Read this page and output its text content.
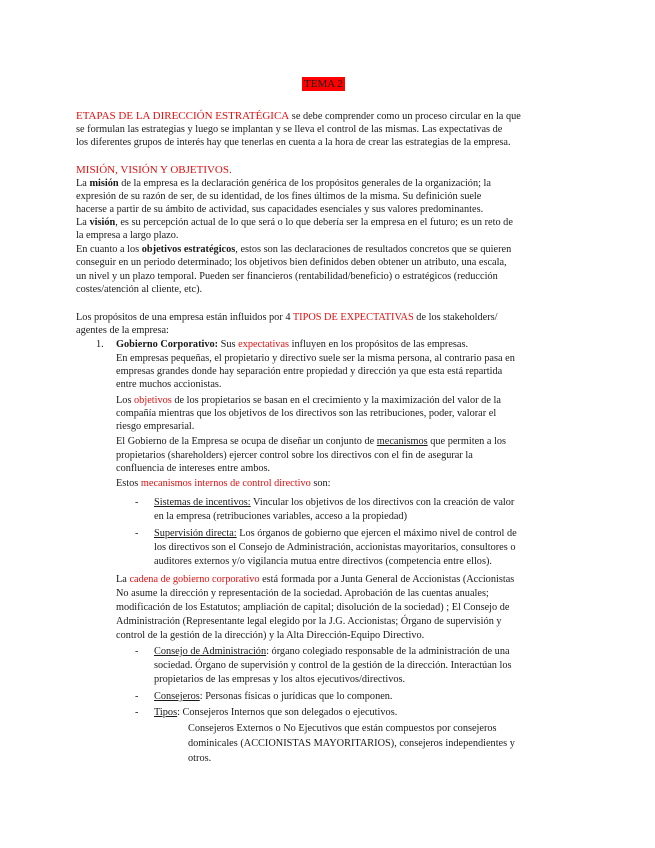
TEMA 2
ETAPAS DE LA DIRECCIÓN ESTRATÉGICA se debe comprender como un proceso circular en la que
se formulan las estrategias y luego se implantan y se lleva el control de las mismas. Las expectativas de
los diferentes grupos de interés hay que tenerlas en cuenta a la hora de crear las estrategias de la empresa.
MISIÓN, VISIÓN Y OBJETIVOS.
La misión de la empresa es la declaración genérica de los propósitos generales de la organización; la
expresión de su razón de ser, de su identidad, de los fines últimos de la misma. Su definición suele
hacerse a partir de su ámbito de actividad, sus capacidades esenciales y sus valores predominantes.
La visión, es su percepción actual de lo que será o lo que debería ser la empresa en el futuro; es un reto de
la empresa a largo plazo.
En cuanto a los objetivos estratégicos, estos son las declaraciones de resultados concretos que se quieren
conseguir en un periodo determinado; los objetivos bien definidos deben obtener un atributo, una escala,
un nivel y un plazo temporal. Pueden ser financieros (rentabilidad/beneficio) o estratégicos (reducción
costes/atención al cliente, etc).
Los propósitos de una empresa están influidos por 4 TIPOS DE EXPECTATIVAS de los stakeholders/
agentes de la empresa:
1. Gobierno Corporativo: Sus expectativas influyen en los propósitos de las empresas.
En empresas pequeñas, el propietario y directivo suele ser la misma persona, al contrario pasa en
empresas grandes donde hay separación entre propiedad y dirección ya que esta está repartida
entre muchos accionistas.
Los objetivos de los propietarios se basan en el crecimiento y la maximización del valor de la
compañía mientras que los objetivos de los directivos son las retribuciones, poder, valorar el
riesgo empresarial.
El Gobierno de la Empresa se ocupa de diseñar un conjunto de mecanismos que permiten a los
propietarios (shareholders) ejercer control sobre los directivos con el fin de asegurar la
confluencia de intereses entre ambos.
Estos mecanismos internos de control directivo son:
- Sistemas de incentivos: Vincular los objetivos de los directivos con la creación de valor
en la empresa (retribuciones variables, acceso a la propiedad)
- Supervisión directa: Los órganos de gobierno que ejercen el máximo nivel de control de
los directivos son el Consejo de Administración, accionistas mayoritarios, consultores o
auditores externos y/o vigilancia mutua entre directivos (competencia entre ellos).
La cadena de gobierno corporativo está formada por a Junta General de Accionistas (Accionistas
No asume la dirección y representación de la sociedad. Aprobación de las cuentas anuales;
modificación de los Estatutos; ampliación de capital; disolución de la sociedad) ; El Consejo de
Administración (Representante legal elegido por la J.G. Accionistas; Órgano de supervisión y
control de la gestión de la dirección) y la Alta Dirección-Equipo Directivo.
- Consejo de Administración: órgano colegiado responsable de la administración de una
sociedad. Órgano de supervisión y control de la gestión de la dirección. Interactúan los
propietarios de las empresas y los altos ejecutivos/directivos.
- Consejeros: Personas físicas o jurídicas que lo componen.
- Tipos: Consejeros Internos que son delegados o ejecutivos.
Consejeros Externos o No Ejecutivos que están compuestos por consejeros
dominicales (ACCIONISTAS MAYORITARIOS), consejeros independientes y
otros.
